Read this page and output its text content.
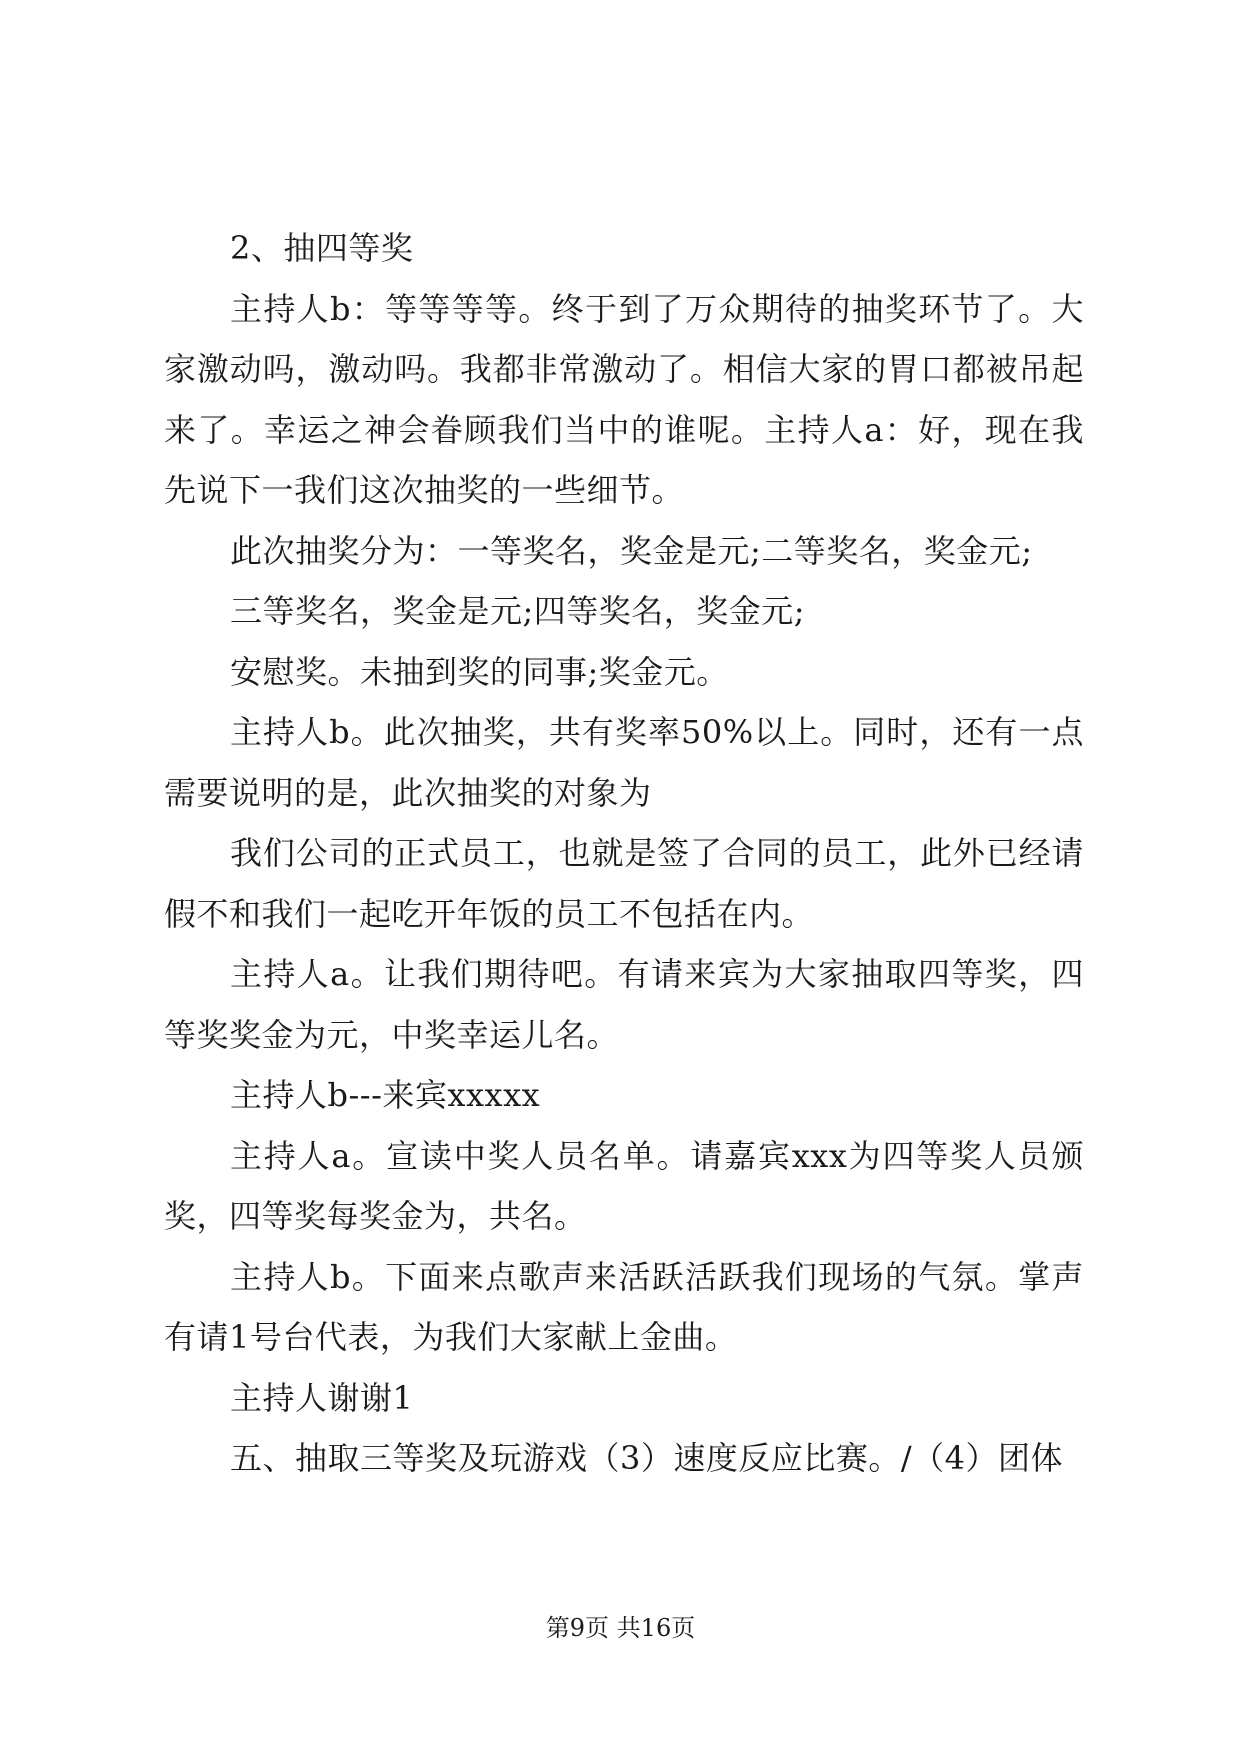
2、抽四等奖

主持人b：等等等等。终于到了万众期待的抽奖环节了。大家激动吗，激动吗。我都非常激动了。相信大家的胃口都被吊起来了。幸运之神会眷顾我们当中的谁呢。主持人a：好，现在我先说下一我们这次抽奖的一些细节。

此次抽奖分为：一等奖名，奖金是元;二等奖名，奖金元;

三等奖名，奖金是元;四等奖名，奖金元;

安慰奖。未抽到奖的同事;奖金元。

主持人b。此次抽奖，共有奖率50%以上。同时，还有一点需要说明的是，此次抽奖的对象为

我们公司的正式员工，也就是签了合同的员工，此外已经请假不和我们一起吃开年饭的员工不包括在内。

主持人a。让我们期待吧。有请来宾为大家抽取四等奖，四等奖奖金为元，中奖幸运儿名。

主持人b---来宾xxxxx

主持人a。宣读中奖人员名单。请嘉宾xxx为四等奖人员颁奖，四等奖每奖金为，共名。

主持人b。下面来点歌声来活跃活跃我们现场的气氛。掌声有请1号台代表，为我们大家献上金曲。

主持人谢谢1

五、抽取三等奖及玩游戏（3）速度反应比赛。/（4）团体

第9页 共16页
